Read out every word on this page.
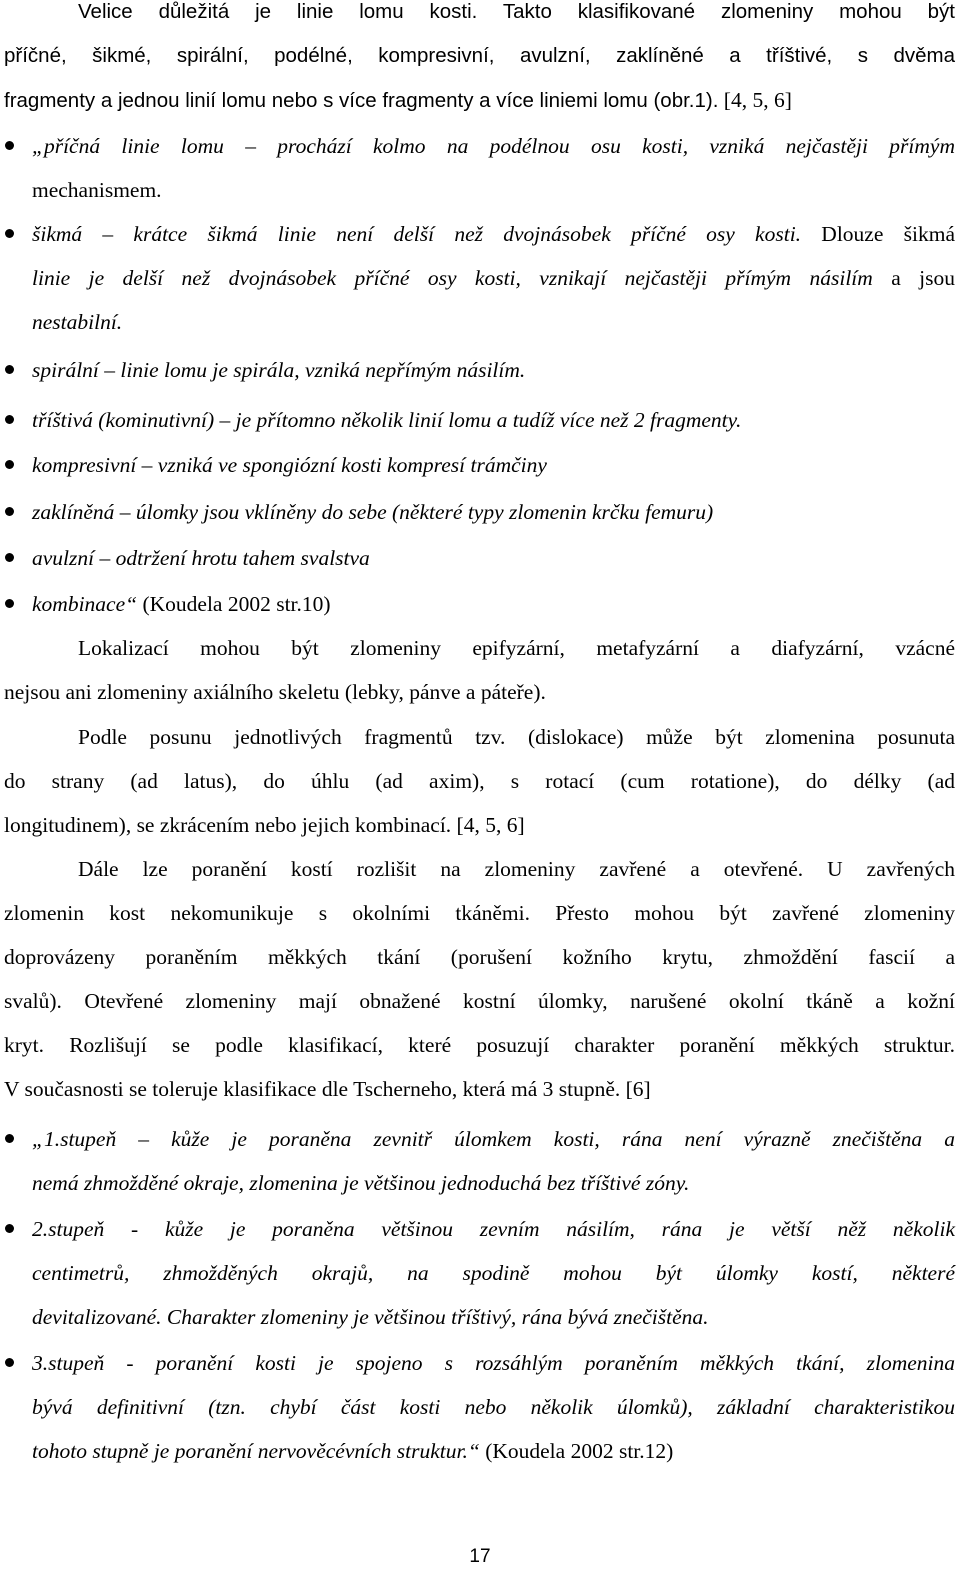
Velice důležitá je linie lomu kosti. Takto klasifikované zlomeniny mohou být
příčné, šikmé, spirální, podélné, kompresivní, avulzní, zaklíněné a tříštivé, s dvěma
fragmenty a jednou linií lomu nebo s více fragmenty a více liniemi lomu (obr.1). [4, 5, 6]
„příčná linie lomu – prochází kolmo na podélnou osu kosti, vzniká nejčastěji přímým
mechanismem.
šikmá – krátce šikmá linie není delší než dvojnásobek příčné osy kosti. Dlouze šikmá
linie je delší než dvojnásobek příčné osy kosti, vznikají nejčastěji přímým násilím a jsou
nestabilní.
spirální – linie lomu je spirála, vzniká nepřímým násilím.
tříštivá (kominutivní) – je přítomno několik linií lomu a tudíž více než 2 fragmenty.
kompresivní – vzniká ve spongiózní kosti kompresí trámčiny
zaklíněná – úlomky jsou vklíněny do sebe (některé typy zlomenin krčku femuru)
avulzní – odtržení hrotu tahem svalstva
kombinace“ (Koudela 2002 str.10)
Lokalizací mohou být zlomeniny epifyzární, metafyzární a diafyzární, vzácné
nejsou ani zlomeniny axiálního skeletu (lebky, pánve a páteře).
Podle posunu jednotlivých fragmentů tzv. (dislokace) může být zlomenina posunuta
do strany (ad latus), do úhlu (ad axim), s rotací (cum rotatione), do délky (ad
longitudinem), se zkrácením nebo jejich kombinací. [4, 5, 6]
Dále lze poranění kostí rozlišit na zlomeniny zavřené a otevřené. U zavřených
zlomenin kost nekomunikuje s okolními tkáněmi. Přesto mohou být zavřené zlomeniny
doprovázeny poraněním měkkých tkání (porušení kožního krytu, zhmoždění fascií a
svalů). Otevřené zlomeniny mají obnažené kostní úlomky, narušené okolní tkáně a kožní
kryt. Rozlišují se podle klasifikací, které posuzují charakter poranění měkkých struktur.
V současnosti se toleruje klasifikace dle Tscherneho, která má 3 stupně. [6]
„1.stupeň – kůže je poraněna zevnitř úlomkem kosti, rána není výrazně znečištěna a
nemá zhmožděné okraje, zlomenina je většinou jednoduchá bez tříštivé zóny.
2.stupeň - kůže je poraněna většinou zevním násilím, rána je větší něž několik
centimetrů, zhmožděných okrajů, na spodině mohou být úlomky kostí, některé
devitalizované. Charakter zlomeniny je většinou tříštivý, rána bývá znečištěna.
3.stupeň - poranění kosti je spojeno s rozsáhlým poraněním měkkých tkání, zlomenina
bývá definitivní (tzn. chybí část kosti nebo několik úlomků), základní charakteristikou
tohoto stupně je poranění nervověcévních struktur.“ (Koudela 2002 str.12)
17
